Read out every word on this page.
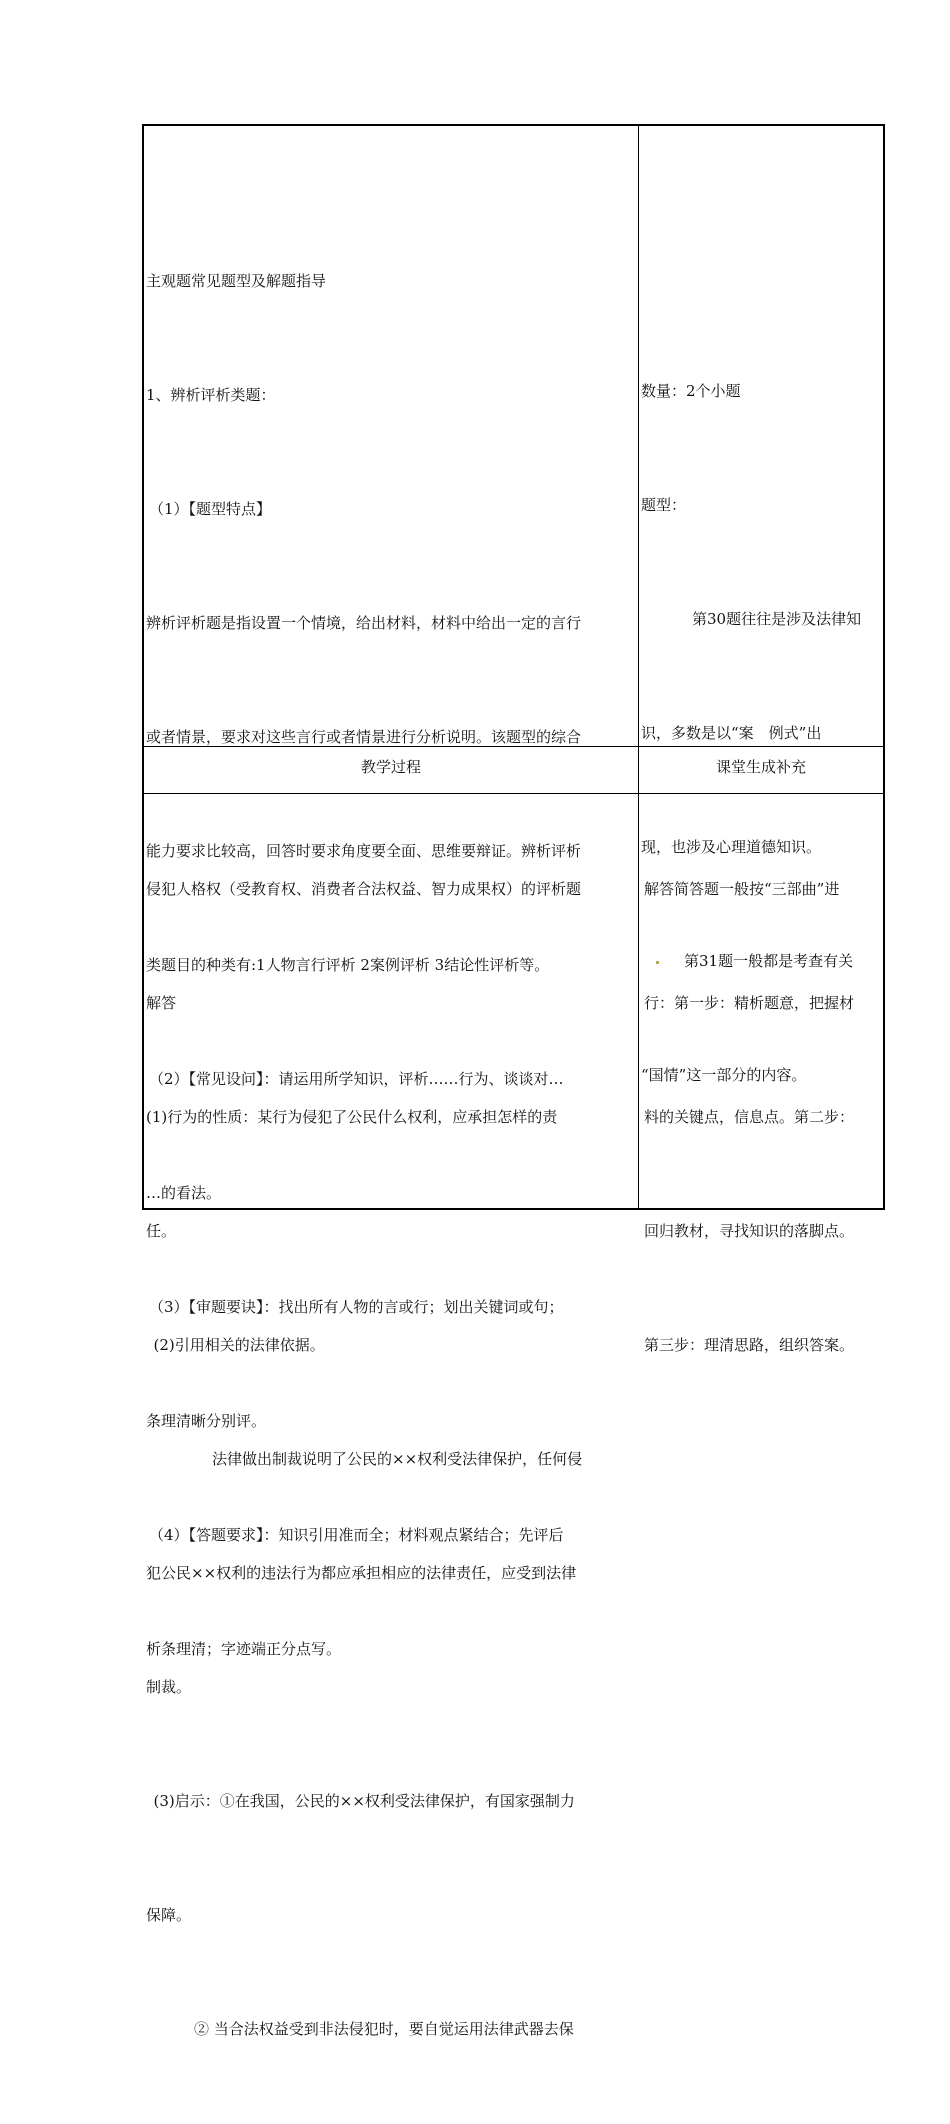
主观题常见题型及解题指导

1、辨析评析类题：

（1）【题型特点】

辨析评析题是指设置一个情境，给出材料，材料中给出一定的言行

或者情景，要求对这些言行或者情景进行分析说明。该题型的综合

能力要求比较高，回答时要求角度要全面、思维要辩证。辨析评析

类题目的种类有:1人物言行评析 2案例评析 3结论性评析等。

（2）【常见设问】：请运用所学知识，评析……行为、谈谈对…

…的看法。

（3）【审题要诀】：找出所有人物的言或行；划出关键词或句；

条理清晰分别评。

（4）【答题要求】：知识引用准而全；材料观点紧结合；先评后

析条理清；字迹端正分点写。

数量：2个小题

题型：

第30题往往是涉及法律知

识，多数是以“案　例式”出

现，也涉及心理道德知识。

第31题一般都是考查有关

“国情”这一部分的内容。

教学过程	课堂生成补充

侵犯人格权（受教育权、消费者合法权益、智力成果权）的评析题

解答

(1)行为的性质：某行为侵犯了公民什么权利，应承担怎样的责

任。

(2)引用相关的法律依据。

法律做出制裁说明了公民的××权利受法律保护，任何侵

犯公民××权利的违法行为都应承担相应的法律责任，应受到法律

制裁。

(3)启示：①在我国，公民的××权利受法律保护，有国家强制力

保障。

② 当合法权益受到非法侵犯时，要自觉运用法律武器去保

解答简答题一般按“三部曲”进

行：第一步：精析题意，把握材

料的关键点，信息点。第二步：

回归教材，寻找知识的落脚点。

第三步：理清思路，组织答案。
